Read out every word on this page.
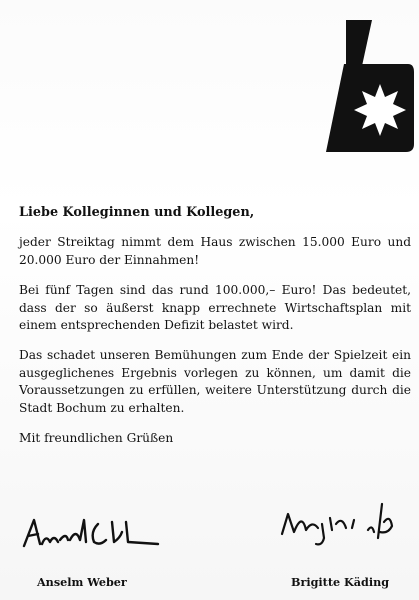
Liebe Kolleginnen und Kollegen,

jeder Streiktag nimmt dem Haus zwischen 15.000 Euro und 20.000 Euro der Einnahmen!

Bei fünf Tagen sind das rund 100.000,– Euro! Das bedeutet, dass der so äußerst knapp errechnete Wirtschaftsplan mit einem entsprechenden Defizit belastet wird.

Das schadet unseren Bemühungen zum Ende der Spielzeit ein ausgeglichenes Ergebnis vorlegen zu können, um damit die Voraussetzungen zu erfüllen, weitere Unterstützung durch die Stadt Bochum zu erhalten.

Mit freundlichen Grüßen

Anselm Weber	Brigitte Käding
